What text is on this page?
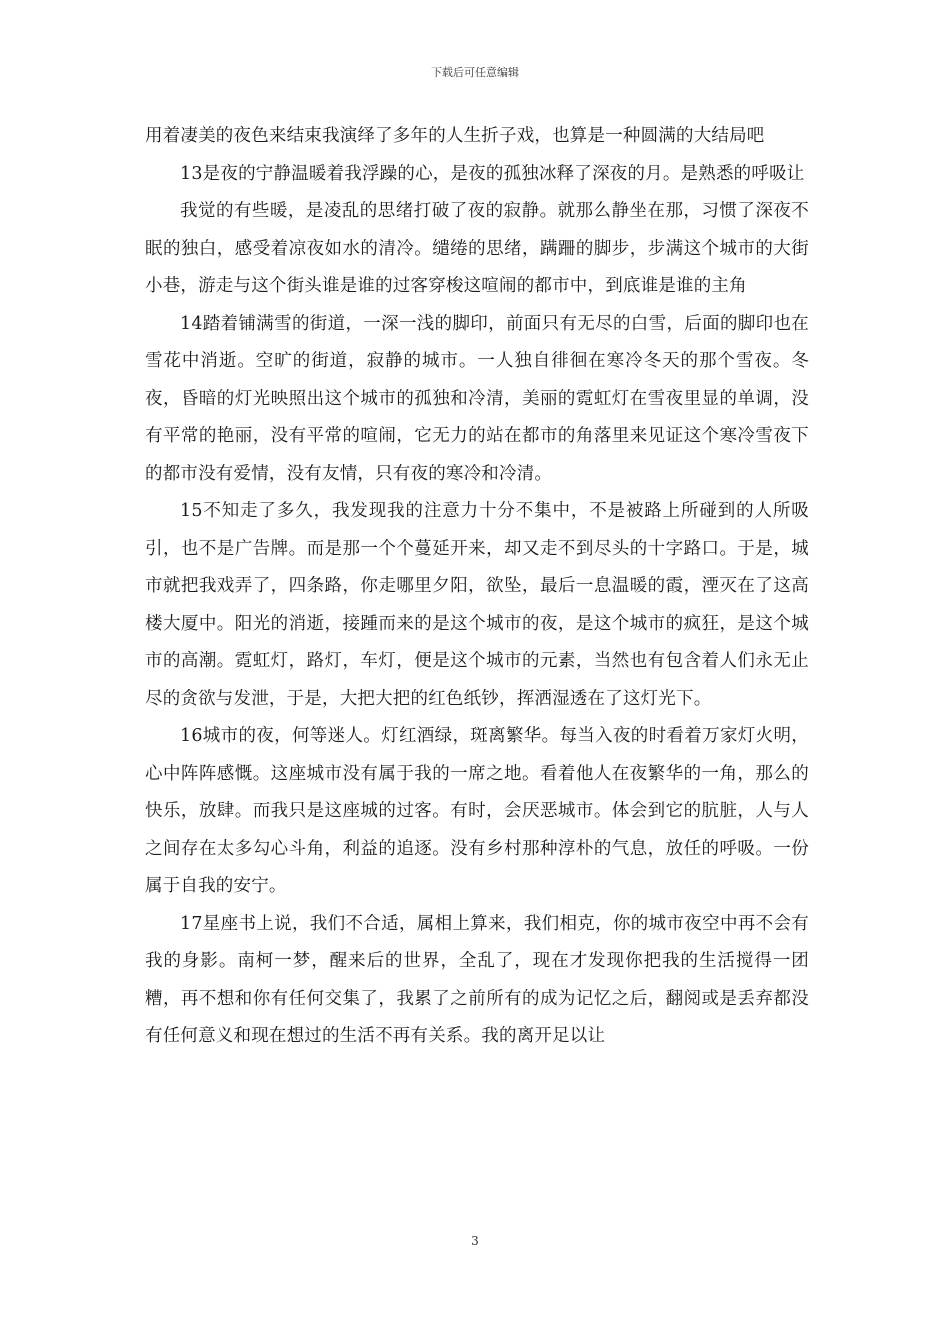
下载后可任意编辑

用着凄美的夜色来结束我演绎了多年的人生折子戏，也算是一种圆满的大结局吧

13是夜的宁静温暖着我浮躁的心，是夜的孤独冰释了深夜的月。是熟悉的呼吸让

我觉的有些暖，是凌乱的思绪打破了夜的寂静。就那么静坐在那，习惯了深夜不眠的独白，感受着凉夜如水的清冷。缱绻的思绪，蹒跚的脚步，步满这个城市的大街小巷，游走与这个街头谁是谁的过客穿梭这喧闹的都市中，到底谁是谁的主角

14踏着铺满雪的街道，一深一浅的脚印，前面只有无尽的白雪，后面的脚印也在雪花中消逝。空旷的街道，寂静的城市。一人独自徘徊在寒冷冬天的那个雪夜。冬夜，昏暗的灯光映照出这个城市的孤独和冷清，美丽的霓虹灯在雪夜里显的单调，没有平常的艳丽，没有平常的喧闹，它无力的站在都市的角落里来见证这个寒冷雪夜下的都市没有爱情，没有友情，只有夜的寒冷和冷清。

15不知走了多久，我发现我的注意力十分不集中，不是被路上所碰到的人所吸引，也不是广告牌。而是那一个个蔓延开来，却又走不到尽头的十字路口。于是，城市就把我戏弄了，四条路，你走哪里夕阳，欲坠，最后一息温暖的霞，湮灭在了这高楼大厦中。阳光的消逝，接踵而来的是这个城市的夜，是这个城市的疯狂，是这个城市的高潮。霓虹灯，路灯，车灯，便是这个城市的元素，当然也有包含着人们永无止尽的贪欲与发泄，于是，大把大把的红色纸钞，挥洒湿透在了这灯光下。

16城市的夜，何等迷人。灯红酒绿，斑离繁华。每当入夜的时看着万家灯火明，心中阵阵感慨。这座城市没有属于我的一席之地。看着他人在夜繁华的一角，那么的快乐，放肆。而我只是这座城的过客。有时，会厌恶城市。体会到它的肮脏，人与人之间存在太多勾心斗角，利益的追逐。没有乡村那种淳朴的气息，放任的呼吸。一份属于自我的安宁。

17星座书上说，我们不合适，属相上算来，我们相克，你的城市夜空中再不会有我的身影。南柯一梦，醒来后的世界，全乱了，现在才发现你把我的生活搅得一团糟，再不想和你有任何交集了，我累了之前所有的成为记忆之后，翻阅或是丢弃都没有任何意义和现在想过的生活不再有关系。我的离开足以让

3
